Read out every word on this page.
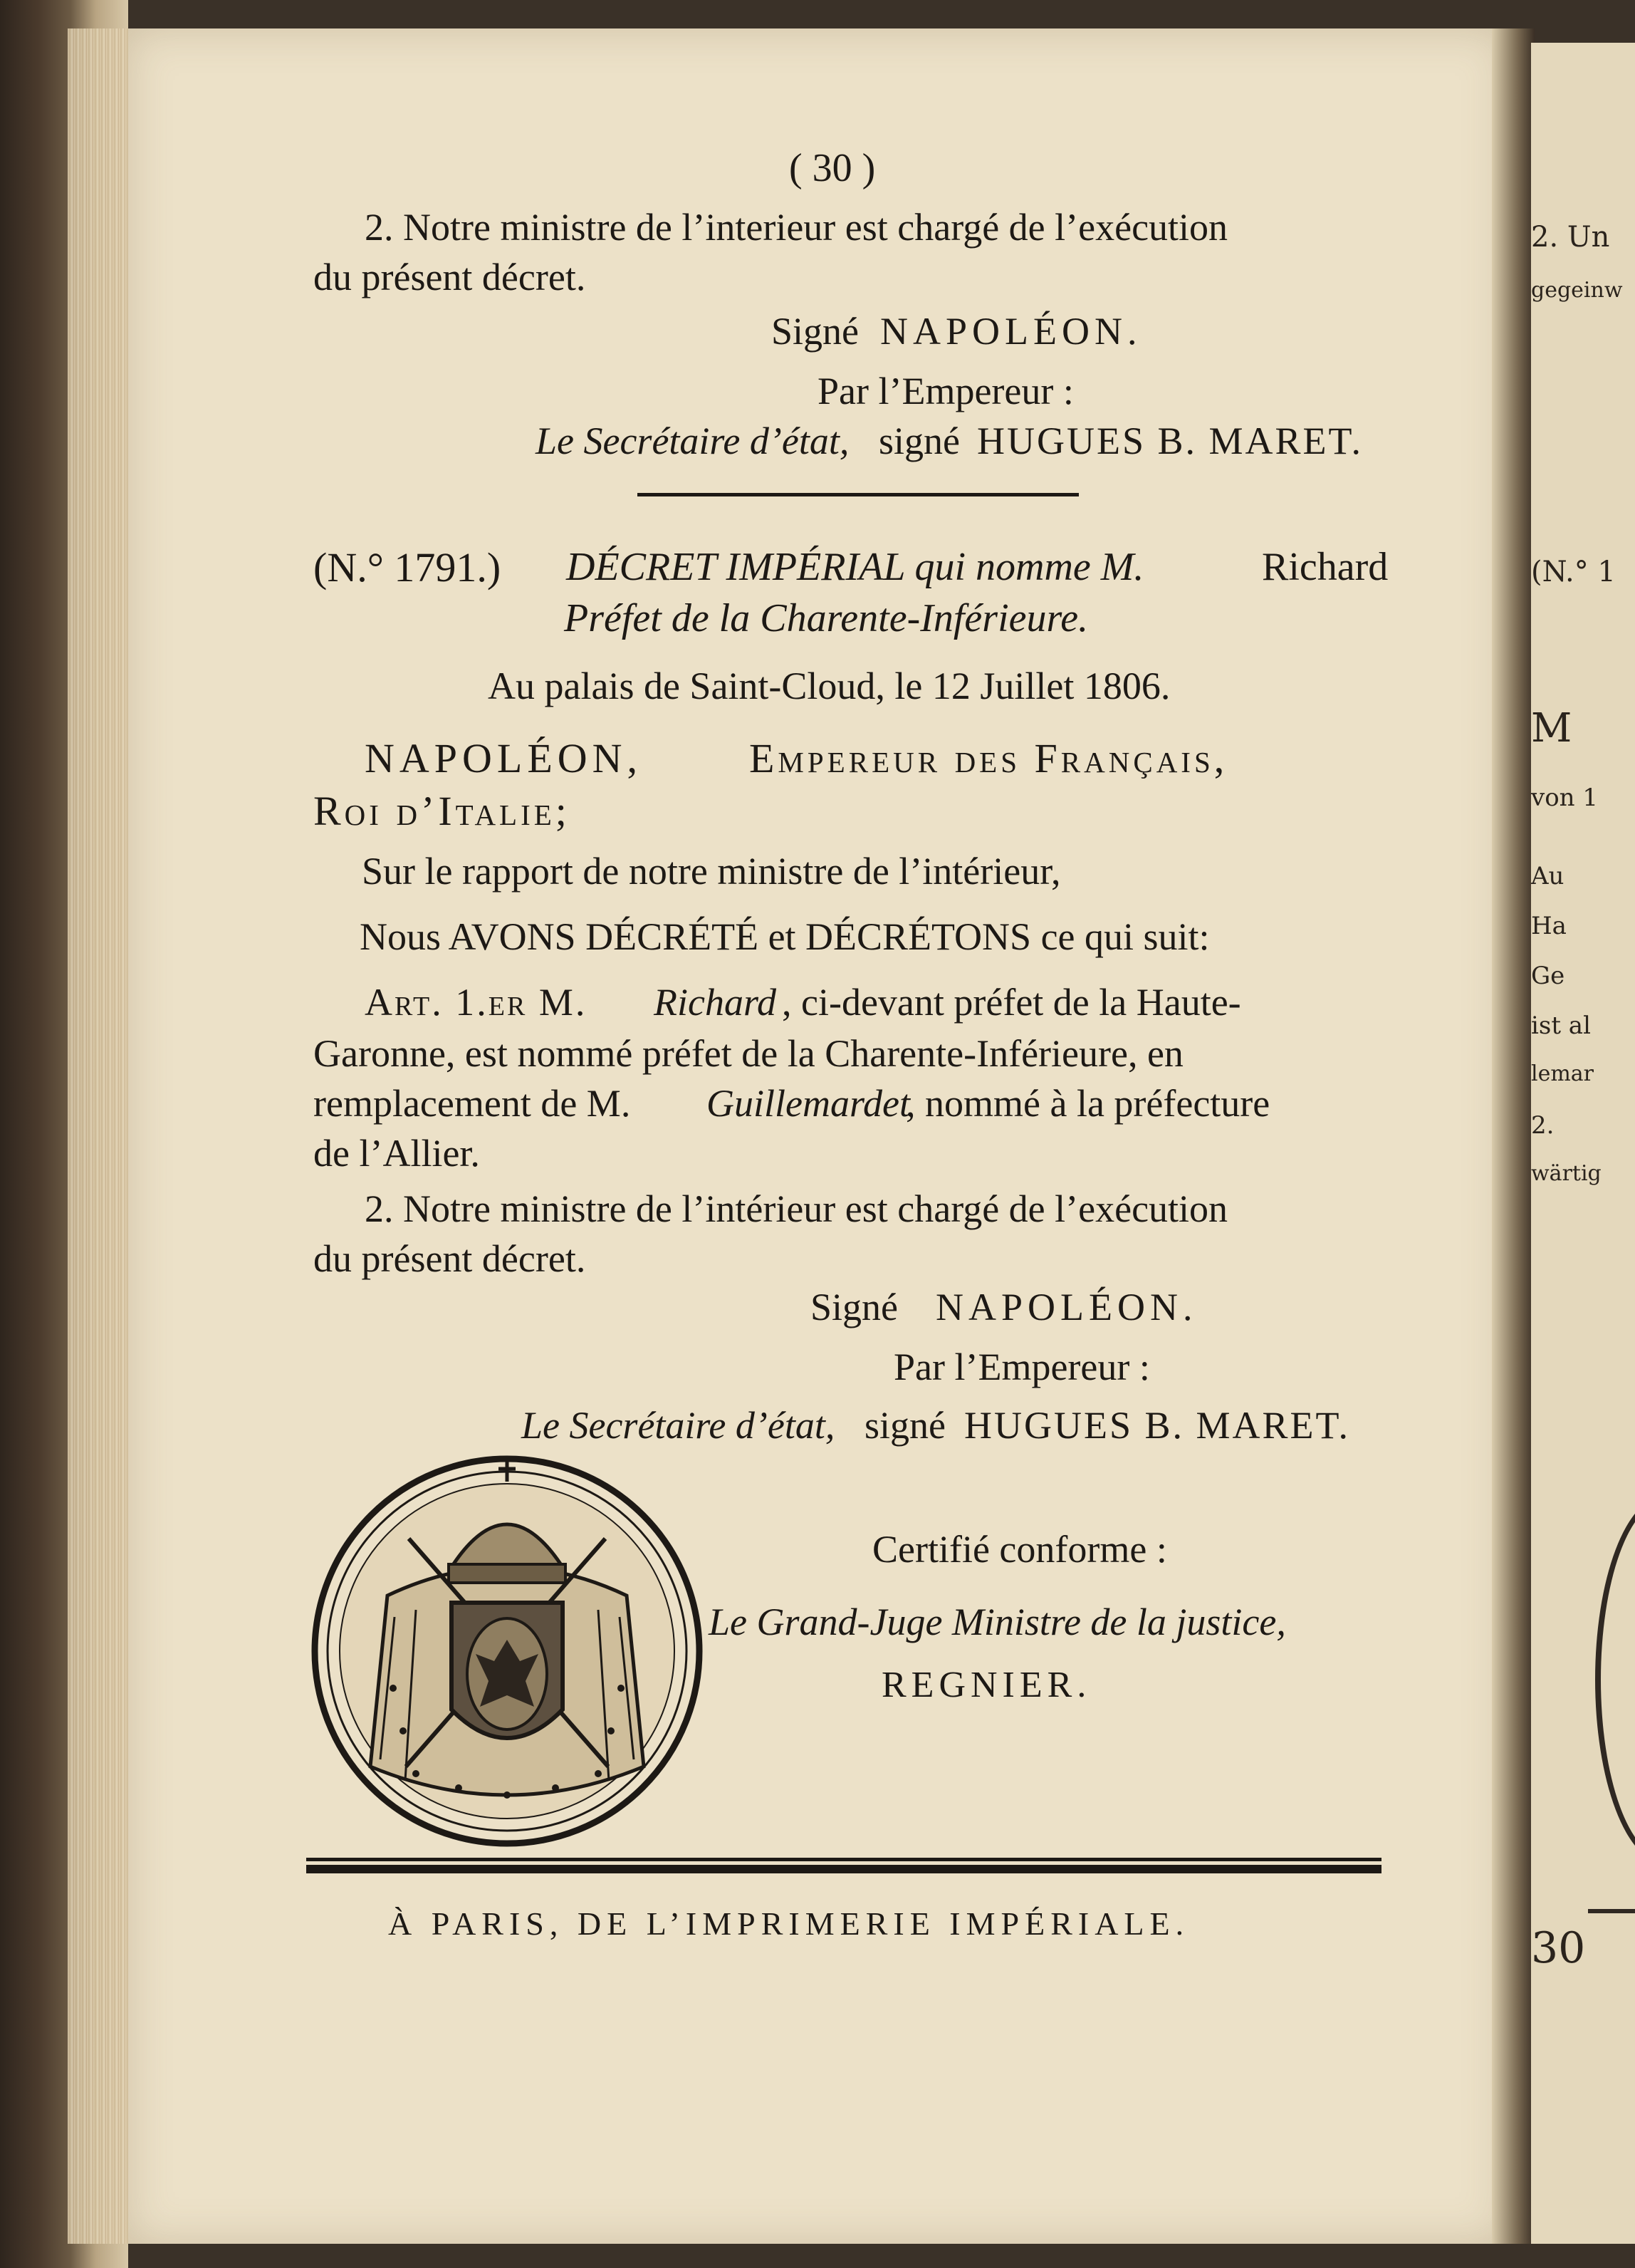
2. Un
gegeinw
(N.° 1
M
von 1
Au
Ha
Ge
ist al
lemar
2.
wärtig
30
( 30 )
2. Notre ministre de l’interieur est chargé de l’exécution
du présent décret.
Signé NAPOLÉON.
Par l’Empereur :
Le Secrétaire d’état, signé HUGUES B. MARET.
(N.° 1791.) DÉCRET IMPÉRIAL qui nomme M.	Richard
Préfet de la Charente-Inférieure.
Au palais de Saint-Cloud, le 12 Juillet 1806.
NAPOLÉON,	Empereur des Français,
Roi d’Italie;
Sur le rapport de notre ministre de l’intérieur,
Nous AVONS DÉCRÉTÉ et DÉCRÉTONS ce qui suit:
Art. 1.er M. Richard , ci-devant préfet de la Haute-
Garonne, est nommé préfet de la Charente-Inférieure, en
remplacement de M. Guillemardet
, nommé à la préfecture
de l’Allier.
2. Notre ministre de l’intérieur est chargé de l’exécution
du présent décret.
Signé NAPOLÉON.
Par l’Empereur :
Le Secrétaire d’état, signé HUGUES B. MARET.
Certifié conforme :
Le Grand-Juge Ministre de la justice,
REGNIER.
À PARIS, DE L’IMPRIMERIE IMPÉRIALE.
